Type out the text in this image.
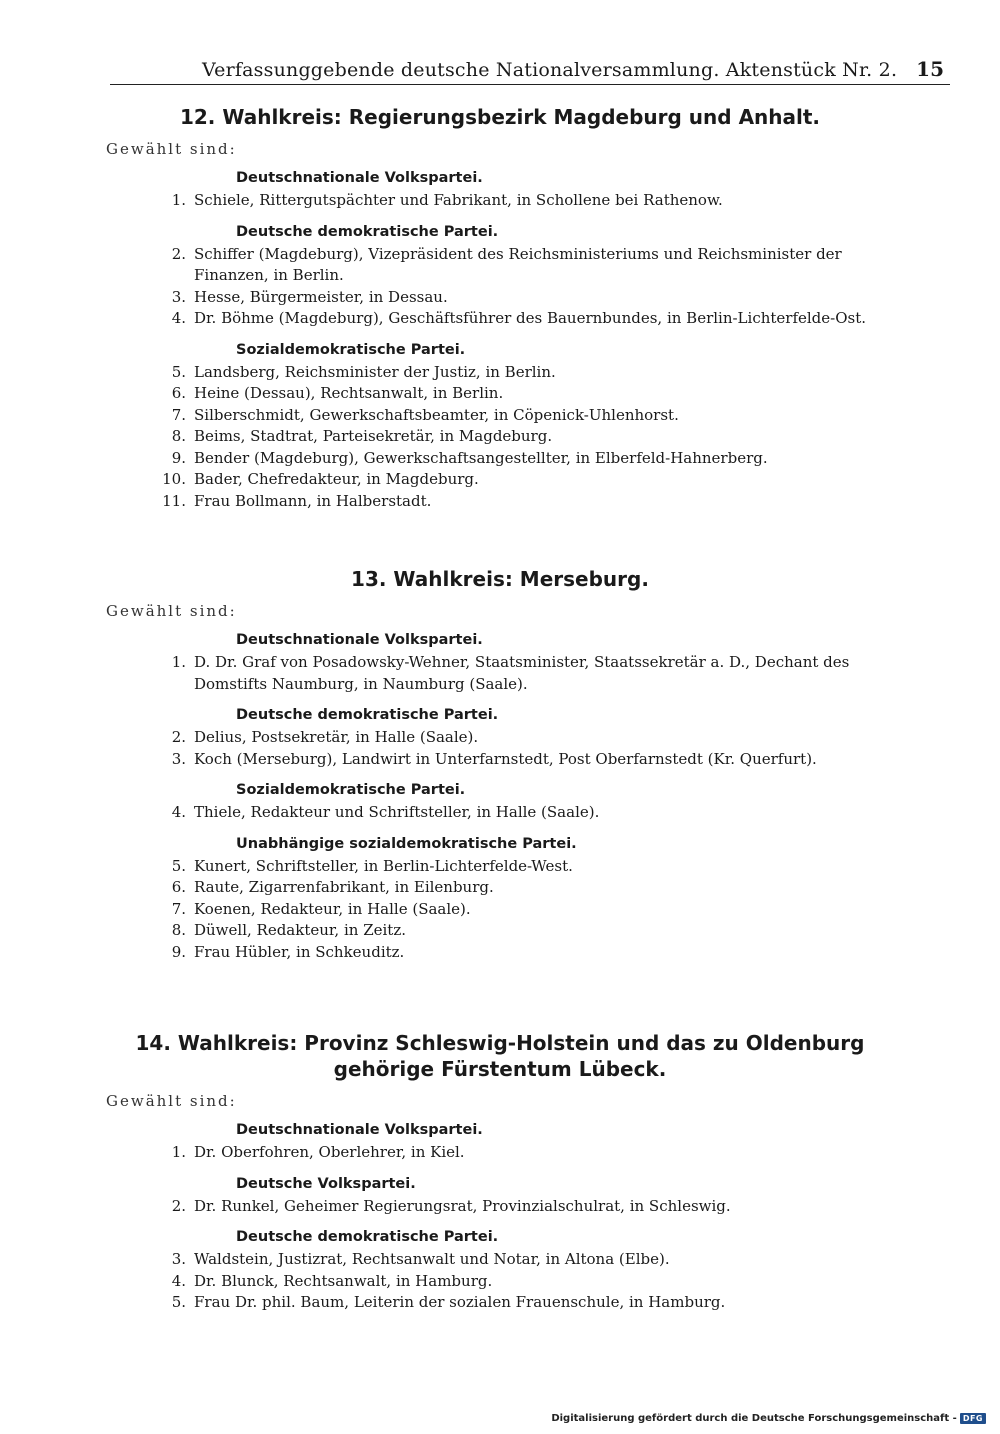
Verfassunggebende deutsche Nationalversammlung. Aktenstück Nr. 2. 15
12. Wahlkreis: Regierungsbezirk Magdeburg und Anhalt.
Gewählt sind:
Deutschnationale Volkspartei.
1. Schiele, Rittergutspächter und Fabrikant, in Schollene bei Rathenow.
Deutsche demokratische Partei.
2. Schiffer (Magdeburg), Vizepräsident des Reichsministeriums und Reichsminister der Finanzen, in Berlin.
3. Hesse, Bürgermeister, in Dessau.
4. Dr. Böhme (Magdeburg), Geschäftsführer des Bauernbundes, in Berlin-Lichterfelde-Ost.
Sozialdemokratische Partei.
5. Landsberg, Reichsminister der Justiz, in Berlin.
6. Heine (Dessau), Rechtsanwalt, in Berlin.
7. Silberschmidt, Gewerkschaftsbeamter, in Cöpenick-Uhlenhorst.
8. Beims, Stadtrat, Parteisekretär, in Magdeburg.
9. Bender (Magdeburg), Gewerkschaftsangestellter, in Elberfeld-Hahnerberg.
10. Bader, Chefredakteur, in Magdeburg.
11. Frau Bollmann, in Halberstadt.
13. Wahlkreis: Merseburg.
Gewählt sind:
Deutschnationale Volkspartei.
1. D. Dr. Graf von Posadowsky-Wehner, Staatsminister, Staatssekretär a. D., Dechant des Domstifts Naumburg, in Naumburg (Saale).
Deutsche demokratische Partei.
2. Delius, Postsekretär, in Halle (Saale).
3. Koch (Merseburg), Landwirt in Unterfarnstedt, Post Oberfarnstedt (Kr. Querfurt).
Sozialdemokratische Partei.
4. Thiele, Redakteur und Schriftsteller, in Halle (Saale).
Unabhängige sozialdemokratische Partei.
5. Kunert, Schriftsteller, in Berlin-Lichterfelde-West.
6. Raute, Zigarrenfabrikant, in Eilenburg.
7. Koenen, Redakteur, in Halle (Saale).
8. Düwell, Redakteur, in Zeitz.
9. Frau Hübler, in Schkeuditz.
14. Wahlkreis: Provinz Schleswig-Holstein und das zu Oldenburg gehörige Fürstentum Lübeck.
Gewählt sind:
Deutschnationale Volkspartei.
1. Dr. Oberfohren, Oberlehrer, in Kiel.
Deutsche Volkspartei.
2. Dr. Runkel, Geheimer Regierungsrat, Provinzialschulrat, in Schleswig.
Deutsche demokratische Partei.
3. Waldstein, Justizrat, Rechtsanwalt und Notar, in Altona (Elbe).
4. Dr. Blunck, Rechtsanwalt, in Hamburg.
5. Frau Dr. phil. Baum, Leiterin der sozialen Frauenschule, in Hamburg.
Digitalisierung gefördert durch die Deutsche Forschungsgemeinschaft - DFG
